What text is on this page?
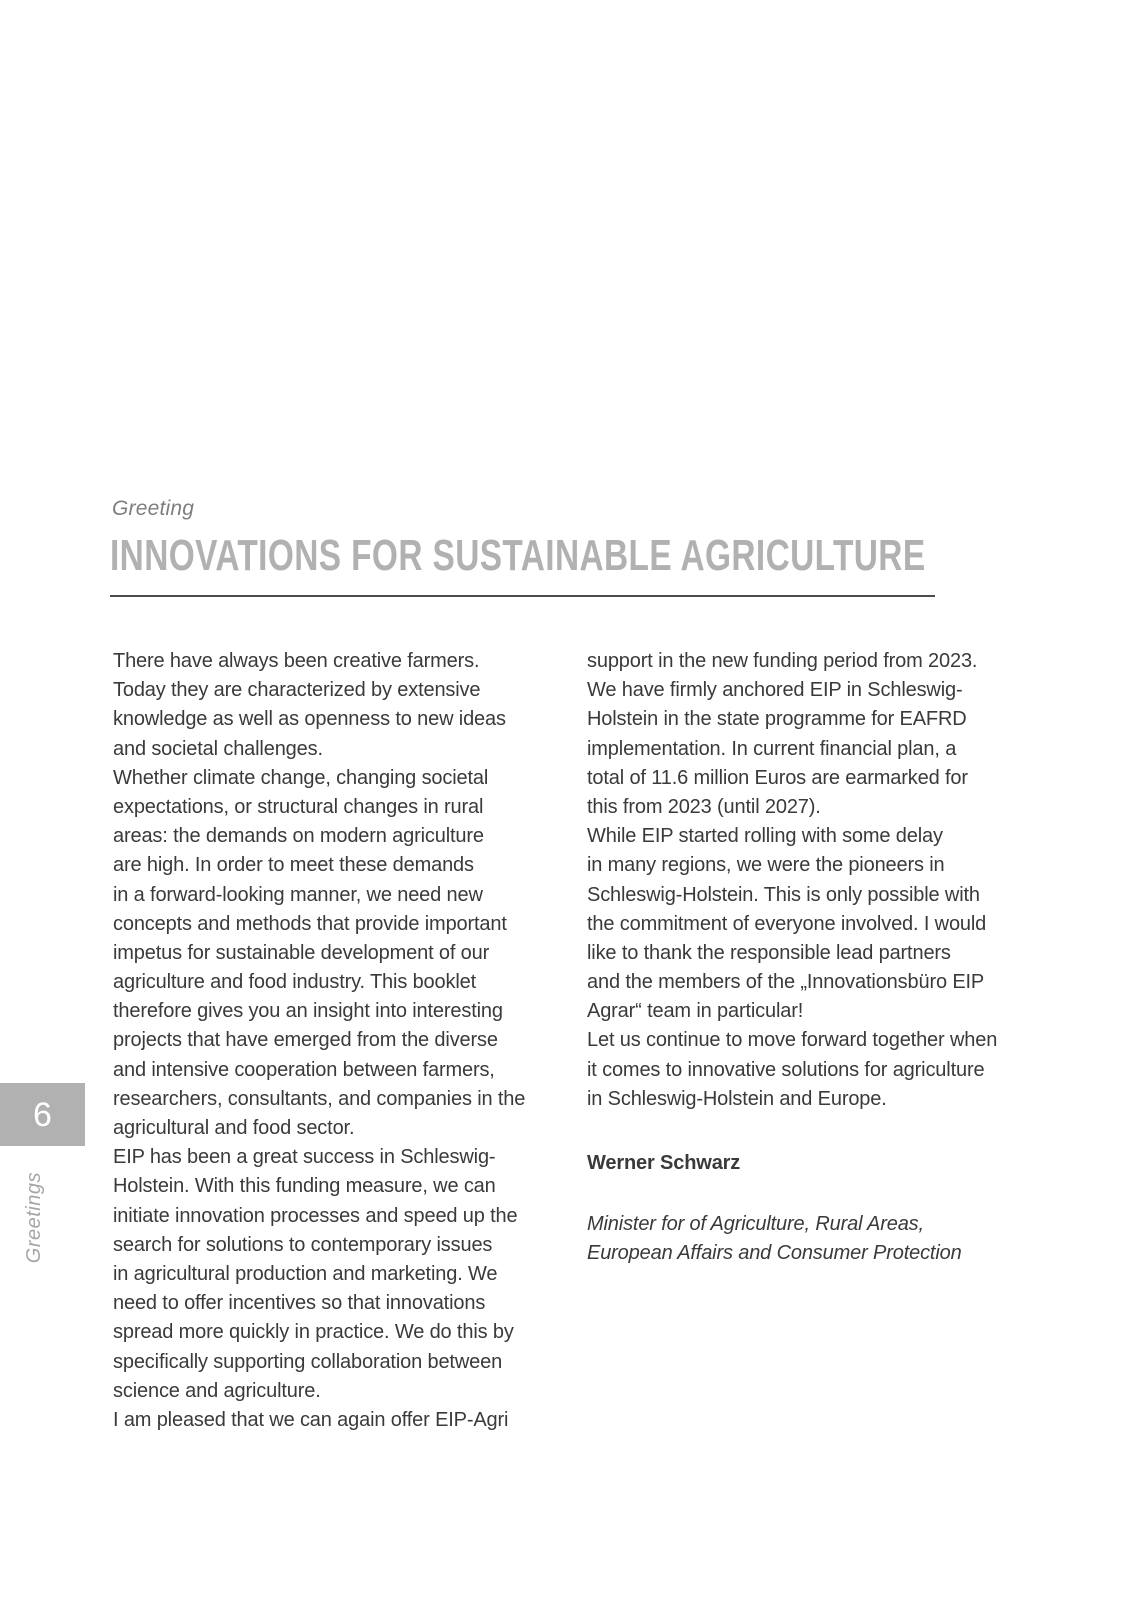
Greeting
INNOVATIONS FOR SUSTAINABLE AGRICULTURE
There have always been creative farmers.
Today they are characterized by extensive
knowledge as well as openness to new ideas
and societal challenges.
Whether climate change, changing societal
expectations, or structural changes in rural
areas: the demands on modern agriculture
are high. In order to meet these demands
in a forward-looking manner, we need new
concepts and methods that provide important
impetus for sustainable development of our
agriculture and food industry. This booklet
therefore gives you an insight into interesting
projects that have emerged from the diverse
and intensive cooperation between farmers,
researchers, consultants, and companies in the
agricultural and food sector.
EIP has been a great success in Schleswig-
Holstein. With this funding measure, we can
initiate innovation processes and speed up the
search for solutions to contemporary issues
in agricultural production and marketing. We
need to offer incentives so that innovations
spread more quickly in practice. We do this by
specifically supporting collaboration between
science and agriculture.
I am pleased that we can again offer EIP-Agri
support in the new funding period from 2023.
We have firmly anchored EIP in Schleswig-
Holstein in the state programme for EAFRD
implementation. In current financial plan, a
total of 11.6 million Euros are earmarked for
this from 2023 (until 2027).
While EIP started rolling with some delay
in many regions, we were the pioneers in
Schleswig-Holstein. This is only possible with
the commitment of everyone involved. I would
like to thank the responsible lead partners
and the members of the „Innovationsbüro EIP
Agrar“ team in particular!
Let us continue to move forward together when
it comes to innovative solutions for agriculture
in Schleswig-Holstein and Europe.
Werner Schwarz
Minister for of Agriculture, Rural Areas,
European Affairs and Consumer Protection
6
Greetings
